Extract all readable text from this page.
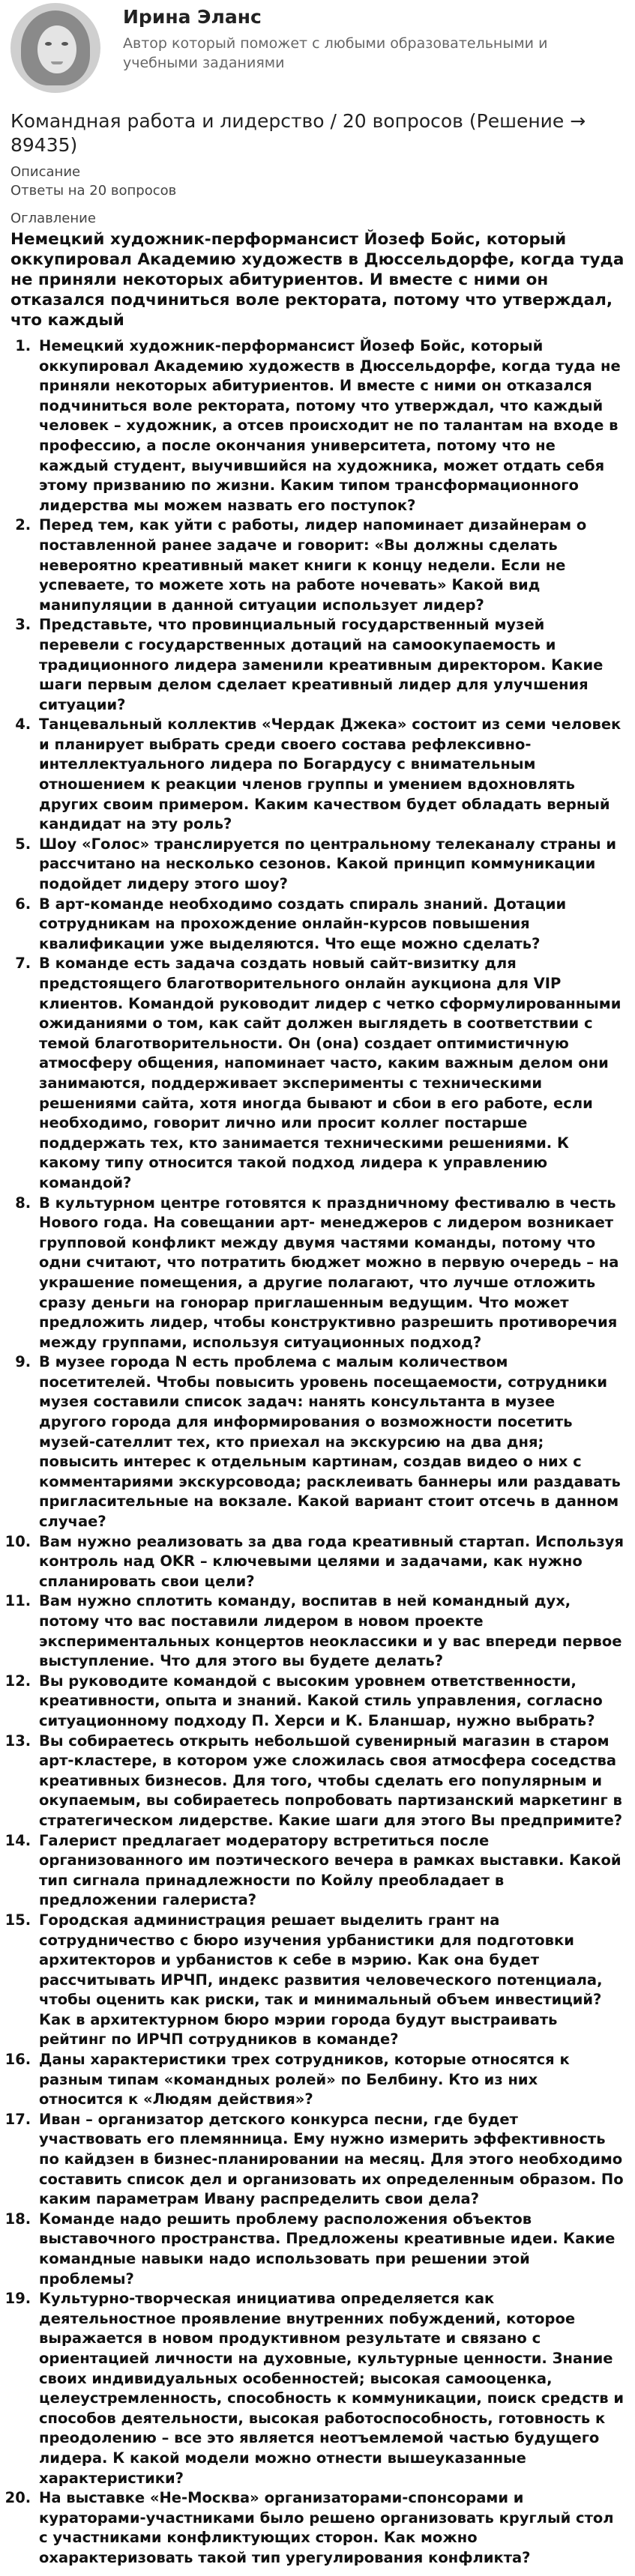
Ирина Эланс
Автор который поможет с любыми образовательными и учебными заданиями
Командная работа и лидерство / 20 вопросов (Решение → 89435)
Описание
Ответы на 20 вопросов
Оглавление
Немецкий художник-перформансист Йозеф Бойс, который оккупировал Академию художеств в Дюссельдорфе, когда туда не приняли некоторых абитуриентов. И вместе с ними он отказался подчиниться воле ректората, потому что утверждал, что каждый
1. Немецкий художник-перформансист Йозеф Бойс, который оккупировал Академию художеств в Дюссельдорфе, когда туда не приняли некоторых абитуриентов. И вместе с ними он отказался подчиниться воле ректората, потому что утверждал, что каждый человек – художник, а отсев происходит не по талантам на входе в профессию, а после окончания университета, потому что не каждый студент, выучившийся на художника, может отдать себя этому призванию по жизни. Каким типом трансформационного лидерства мы можем назвать его поступок?
2. Перед тем, как уйти с работы, лидер напоминает дизайнерам о поставленной ранее задаче и говорит: «Вы должны сделать невероятно креативный макет книги к концу недели. Если не успеваете, то можете хоть на работе ночевать» Какой вид манипуляции в данной ситуации использует лидер?
3. Представьте, что провинциальный государственный музей перевели с государственных дотаций на самоокупаемость и традиционного лидера заменили креативным директором. Какие шаги первым делом сделает креативный лидер для улучшения ситуации?
4. Танцевальный коллектив «Чердак Джека» состоит из семи человек и планирует выбрать среди своего состава рефлексивно-интеллектуального лидера по Богардусу с внимательным отношением к реакции членов группы и умением вдохновлять других своим примером. Каким качеством будет обладать верный кандидат на эту роль?
5. Шоу «Голос» транслируется по центральному телеканалу страны и рассчитано на несколько сезонов. Какой принцип коммуникации подойдет лидеру этого шоу?
6. В арт-команде необходимо создать спираль знаний. Дотации сотрудникам на прохождение онлайн-курсов повышения квалификации уже выделяются. Что еще можно сделать?
7. В команде есть задача создать новый сайт-визитку для предстоящего благотворительного онлайн аукциона для VIP клиентов. Командой руководит лидер с четко сформулированными ожиданиями о том, как сайт должен выглядеть в соответствии с темой благотворительности. Он (она) создает оптимистичную атмосферу общения, напоминает часто, каким важным делом они занимаются, поддерживает эксперименты с техническими решениями сайта, хотя иногда бывают и сбои в его работе, если необходимо, говорит лично или просит коллег постарше поддержать тех, кто занимается техническими решениями. К какому типу относится такой подход лидера к управлению командой?
8. В культурном центре готовятся к праздничному фестивалю в честь Нового года. На совещании арт- менеджеров с лидером возникает групповой конфликт между двумя частями команды, потому что одни считают, что потратить бюджет можно в первую очередь – на украшение помещения, а другие полагают, что лучше отложить сразу деньги на гонорар приглашенным ведущим. Что может предложить лидер, чтобы конструктивно разрешить противоречия между группами, используя ситуационных подход?
9. В музее города N есть проблема с малым количеством посетителей. Чтобы повысить уровень посещаемости, сотрудники музея составили список задач: нанять консультанта в музее другого города для информирования о возможности посетить музей-сателлит тех, кто приехал на экскурсию на два дня; повысить интерес к отдельным картинам, создав видео о них с комментариями экскурсовода; расклеивать баннеры или раздавать пригласительные на вокзале. Какой вариант стоит отсечь в данном случае?
10. Вам нужно реализовать за два года креативный стартап. Используя контроль над OKR – ключевыми целями и задачами, как нужно спланировать свои цели?
11. Вам нужно сплотить команду, воспитав в ней командный дух, потому что вас поставили лидером в новом проекте экспериментальных концертов неоклассики и у вас впереди первое выступление. Что для этого вы будете делать?
12. Вы руководите командой с высоким уровнем ответственности, креативности, опыта и знаний. Какой стиль управления, согласно ситуационному подходу П. Херси и К. Бланшар, нужно выбрать?
13. Вы собираетесь открыть небольшой сувенирный магазин в старом арт-кластере, в котором уже сложилась своя атмосфера соседства креативных бизнесов. Для того, чтобы сделать его популярным и окупаемым, вы собираетесь попробовать партизанский маркетинг в стратегическом лидерстве. Какие шаги для этого Вы предпримите?
14. Галерист предлагает модератору встретиться после организованного им поэтического вечера в рамках выставки. Какой тип сигнала принадлежности по Койлу преобладает в предложении галериста?
15. Городская администрация решает выделить грант на сотрудничество с бюро изучения урбанистики для подготовки архитекторов и урбанистов к себе в мэрию. Как она будет рассчитывать ИРЧП, индекс развития человеческого потенциала, чтобы оценить как риски, так и минимальный объем инвестиций? Как в архитектурном бюро мэрии города будут выстраивать рейтинг по ИРЧП сотрудников в команде?
16. Даны характеристики трех сотрудников, которые относятся к разным типам «командных ролей» по Белбину. Кто из них относится к «Людям действия»?
17. Иван – организатор детского конкурса песни, где будет участвовать его племянница. Ему нужно измерить эффективность по кайдзен в бизнес-планировании на месяц. Для этого необходимо составить список дел и организовать их определенным образом. По каким параметрам Ивану распределить свои дела?
18. Команде надо решить проблему расположения объектов выставочного пространства. Предложены креативные идеи. Какие командные навыки надо использовать при решении этой проблемы?
19. Культурно-творческая инициатива определяется как деятельностное проявление внутренних побуждений, которое выражается в новом продуктивном результате и связано с ориентацией личности на духовные, культурные ценности. Знание своих индивидуальных особенностей; высокая самооценка, целеустремленность, способность к коммуникации, поиск средств и способов деятельности, высокая работоспособность, готовность к преодолению – все это является неотъемлемой частью будущего лидера. К какой модели можно отнести вышеуказанные характеристики?
20. На выставке «Не-Москва» организаторами-спонсорами и кураторами-участниками было решено организовать круглый стол с участниками конфликтующих сторон. Как можно охарактеризовать такой тип урегулирования конфликта?
